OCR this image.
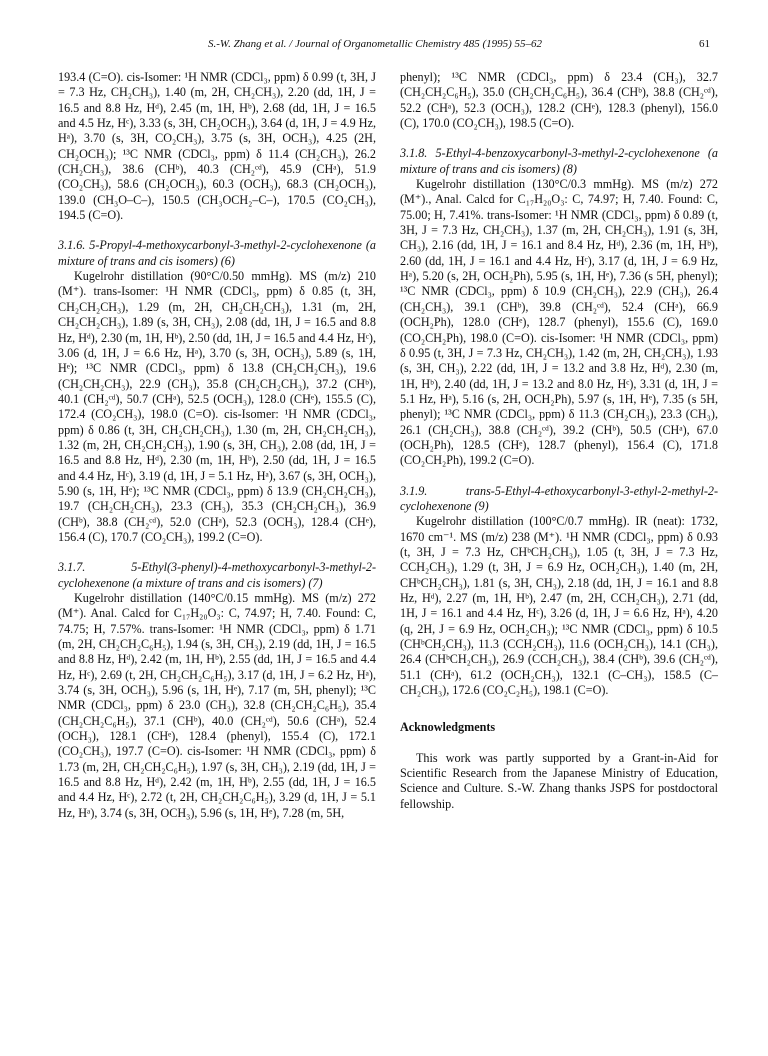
S.-W. Zhang et al. / Journal of Organometallic Chemistry 485 (1995) 55–62	61

193.4 (C=O). cis-Isomer: ¹H NMR (CDCl₃, ppm) δ 0.99 (t, 3H, J = 7.3 Hz, CH₂CH₃), 1.40 (m, 2H, CH₂CH₃), 2.20 (dd, 1H, J = 16.5 and 8.8 Hz, Hᵈ), 2.45 (m, 1H, Hᵇ), 2.68 (dd, 1H, J = 16.5 and 4.5 Hz, Hᶜ), 3.33 (s, 3H, CH₂OCH₃), 3.64 (d, 1H, J = 4.9 Hz, Hᵃ), 3.70 (s, 3H, CO₂CH₃), 3.75 (s, 3H, OCH₃), 4.25 (2H, CH₂OCH₃); ¹³C NMR (CDCl₃, ppm) δ 11.4 (CH₂CH₃), 26.2 (CH₂CH₃), 38.6 (CHᵇ), 40.3 (CH₂ᶜᵈ), 45.9 (CHᵃ), 51.9 (CO₂CH₃), 58.6 (CH₂OCH₃), 60.3 (OCH₃), 68.3 (CH₂OCH₃), 139.0 (CH₃O–C–), 150.5 (CH₃OCH₂–C–), 170.5 (CO₂CH₃), 194.5 (C=O).

3.1.6. 5-Propyl-4-methoxycarbonyl-3-methyl-2-cyclohexenone (a mixture of trans and cis isomers) (6)

Kugelrohr distillation (90°C/0.50 mmHg). MS (m/z) 210 (M⁺). trans-Isomer: ¹H NMR (CDCl₃, ppm) δ 0.85 (t, 3H, CH₂CH₂CH₃), 1.29 (m, 2H, CH₂CH₂CH₃), 1.31 (m, 2H, CH₂CH₂CH₃), 1.89 (s, 3H, CH₃), 2.08 (dd, 1H, J = 16.5 and 8.8 Hz, Hᵈ), 2.30 (m, 1H, Hᵇ), 2.50 (dd, 1H, J = 16.5 and 4.4 Hz, Hᶜ), 3.06 (d, 1H, J = 6.6 Hz, Hᵃ), 3.70 (s, 3H, OCH₃), 5.89 (s, 1H, Hᵉ); ¹³C NMR (CDCl₃, ppm) δ 13.8 (CH₂CH₂CH₃), 19.6 (CH₂CH₂CH₃), 22.9 (CH₃), 35.8 (CH₂CH₂CH₃), 37.2 (CHᵇ), 40.1 (CH₂ᶜᵈ), 50.7 (CHᵃ), 52.5 (OCH₃), 128.0 (CHᵉ), 155.5 (C), 172.4 (CO₂CH₃), 198.0 (C=O). cis-Isomer: ¹H NMR (CDCl₃, ppm) δ 0.86 (t, 3H, CH₂CH₂CH₃), 1.30 (m, 2H, CH₂CH₂CH₃), 1.32 (m, 2H, CH₂CH₂CH₃), 1.90 (s, 3H, CH₃), 2.08 (dd, 1H, J = 16.5 and 8.8 Hz, Hᵈ), 2.30 (m, 1H, Hᵇ), 2.50 (dd, 1H, J = 16.5 and 4.4 Hz, Hᶜ), 3.19 (d, 1H, J = 5.1 Hz, Hᵃ), 3.67 (s, 3H, OCH₃), 5.90 (s, 1H, Hᵉ); ¹³C NMR (CDCl₃, ppm) δ 13.9 (CH₂CH₂CH₃), 19.7 (CH₂CH₂CH₃), 23.3 (CH₃), 35.3 (CH₂CH₂CH₃), 36.9 (CHᵇ), 38.8 (CH₂ᶜᵈ), 52.0 (CHᵃ), 52.3 (OCH₃), 128.4 (CHᵉ), 156.4 (C), 170.7 (CO₂CH₃), 199.2 (C=O).

3.1.7. 5-Ethyl(3-phenyl)-4-methoxycarbonyl-3-methyl-2-cyclohexenone (a mixture of trans and cis isomers) (7)

Kugelrohr distillation (140°C/0.15 mmHg). MS (m/z) 272 (M⁺). Anal. Calcd for C₁₇H₂₀O₃: C, 74.97; H, 7.40. Found: C, 74.75; H, 7.57%. trans-Isomer: ¹H NMR (CDCl₃, ppm) δ 1.71 (m, 2H, CH₂CH₂C₆H₅), 1.94 (s, 3H, CH₃), 2.19 (dd, 1H, J = 16.5 and 8.8 Hz, Hᵈ), 2.42 (m, 1H, Hᵇ), 2.55 (dd, 1H, J = 16.5 and 4.4 Hz, Hᶜ), 2.69 (t, 2H, CH₂CH₂C₆H₅), 3.17 (d, 1H, J = 6.2 Hz, Hᵃ), 3.74 (s, 3H, OCH₃), 5.96 (s, 1H, Hᵉ), 7.17 (m, 5H, phenyl); ¹³C NMR (CDCl₃, ppm) δ 23.0 (CH₃), 32.8 (CH₂CH₂C₆H₅), 35.4 (CH₂CH₂C₆H₅), 37.1 (CHᵇ), 40.0 (CH₂ᶜᵈ), 50.6 (CHᵃ), 52.4 (OCH₃), 128.1 (CHᵉ), 128.4 (phenyl), 155.4 (C), 172.1 (CO₂CH₃), 197.7 (C=O). cis-Isomer: ¹H NMR (CDCl₃, ppm) δ 1.73 (m, 2H, CH₂CH₂C₆H₅), 1.97 (s, 3H, CH₃), 2.19 (dd, 1H, J = 16.5 and 8.8 Hz, Hᵈ), 2.42 (m, 1H, Hᵇ), 2.55 (dd, 1H, J = 16.5 and 4.4 Hz, Hᶜ), 2.72 (t, 2H, CH₂CH₂C₆H₅), 3.29 (d, 1H, J = 5.1 Hz, Hᵃ), 3.74 (s, 3H, OCH₃), 5.96 (s, 1H, Hᵉ), 7.28 (m, 5H,

phenyl); ¹³C NMR (CDCl₃, ppm) δ 23.4 (CH₃), 32.7 (CH₂CH₂C₆H₅), 35.0 (CH₂CH₂C₆H₅), 36.4 (CHᵇ), 38.8 (CH₂ᶜᵈ), 52.2 (CHᵃ), 52.3 (OCH₃), 128.2 (CHᵉ), 128.3 (phenyl), 156.0 (C), 170.0 (CO₂CH₃), 198.5 (C=O).

3.1.8. 5-Ethyl-4-benzoxycarbonyl-3-methyl-2-cyclohexenone (a mixture of trans and cis isomers) (8)

Kugelrohr distillation (130°C/0.3 mmHg). MS (m/z) 272 (M⁺)., Anal. Calcd for C₁₇H₂₀O₃: C, 74.97; H, 7.40. Found: C, 75.00; H, 7.41%. trans-Isomer: ¹H NMR (CDCl₃, ppm) δ 0.89 (t, 3H, J = 7.3 Hz, CH₂CH₃), 1.37 (m, 2H, CH₂CH₃), 1.91 (s, 3H, CH₃), 2.16 (dd, 1H, J = 16.1 and 8.4 Hz, Hᵈ), 2.36 (m, 1H, Hᵇ), 2.60 (dd, 1H, J = 16.1 and 4.4 Hz, Hᶜ), 3.17 (d, 1H, J = 6.9 Hz, Hᵃ), 5.20 (s, 2H, OCH₂Ph), 5.95 (s, 1H, Hᵉ), 7.36 (s 5H, phenyl); ¹³C NMR (CDCl₃, ppm) δ 10.9 (CH₂CH₃), 22.9 (CH₃), 26.4 (CH₂CH₃), 39.1 (CHᵇ), 39.8 (CH₂ᶜᵈ), 52.4 (CHᵃ), 66.9 (OCH₂Ph), 128.0 (CHᵉ), 128.7 (phenyl), 155.6 (C), 169.0 (CO₂CH₂Ph), 198.0 (C=O). cis-Isomer: ¹H NMR (CDCl₃, ppm) δ 0.95 (t, 3H, J = 7.3 Hz, CH₂CH₃), 1.42 (m, 2H, CH₂CH₃), 1.93 (s, 3H, CH₃), 2.22 (dd, 1H, J = 13.2 and 3.8 Hz, Hᵈ), 2.30 (m, 1H, Hᵇ), 2.40 (dd, 1H, J = 13.2 and 8.0 Hz, Hᶜ), 3.31 (d, 1H, J = 5.1 Hz, Hᵃ), 5.16 (s, 2H, OCH₂Ph), 5.97 (s, 1H, Hᵉ), 7.35 (s 5H, phenyl); ¹³C NMR (CDCl₃, ppm) δ 11.3 (CH₂CH₃), 23.3 (CH₃), 26.1 (CH₂CH₃), 38.8 (CH₂ᶜᵈ), 39.2 (CHᵇ), 50.5 (CHᵃ), 67.0 (OCH₂Ph), 128.5 (CHᵉ), 128.7 (phenyl), 156.4 (C), 171.8 (CO₂CH₂Ph), 199.2 (C=O).

3.1.9. trans-5-Ethyl-4-ethoxycarbonyl-3-ethyl-2-methyl-2-cyclohexenone (9)

Kugelrohr distillation (100°C/0.7 mmHg). IR (neat): 1732, 1670 cm⁻¹. MS (m/z) 238 (M⁺). ¹H NMR (CDCl₃, ppm) δ 0.93 (t, 3H, J = 7.3 Hz, CHᵇCH₂CH₃), 1.05 (t, 3H, J = 7.3 Hz, CCH₂CH₃), 1.29 (t, 3H, J = 6.9 Hz, OCH₂CH₃), 1.40 (m, 2H, CHᵇCH₂CH₃), 1.81 (s, 3H, CH₃), 2.18 (dd, 1H, J = 16.1 and 8.8 Hz, Hᵈ), 2.27 (m, 1H, Hᵇ), 2.47 (m, 2H, CCH₂CH₃), 2.71 (dd, 1H, J = 16.1 and 4.4 Hz, Hᶜ), 3.26 (d, 1H, J = 6.6 Hz, Hᵃ), 4.20 (q, 2H, J = 6.9 Hz, OCH₂CH₃); ¹³C NMR (CDCl₃, ppm) δ 10.5 (CHᵇCH₂CH₃), 11.3 (CCH₂CH₃), 11.6 (OCH₂CH₃), 14.1 (CH₃), 26.4 (CHᵇCH₂CH₃), 26.9 (CCH₂CH₃), 38.4 (CHᵇ), 39.6 (CH₂ᶜᵈ), 51.1 (CHᵃ), 61.2 (OCH₂CH₃), 132.1 (C–CH₃), 158.5 (C–CH₂CH₃), 172.6 (CO₂C₂H₅), 198.1 (C=O).

Acknowledgments

This work was partly supported by a Grant-in-Aid for Scientific Research from the Japanese Ministry of Education, Science and Culture. S.-W. Zhang thanks JSPS for postdoctoral fellowship.
